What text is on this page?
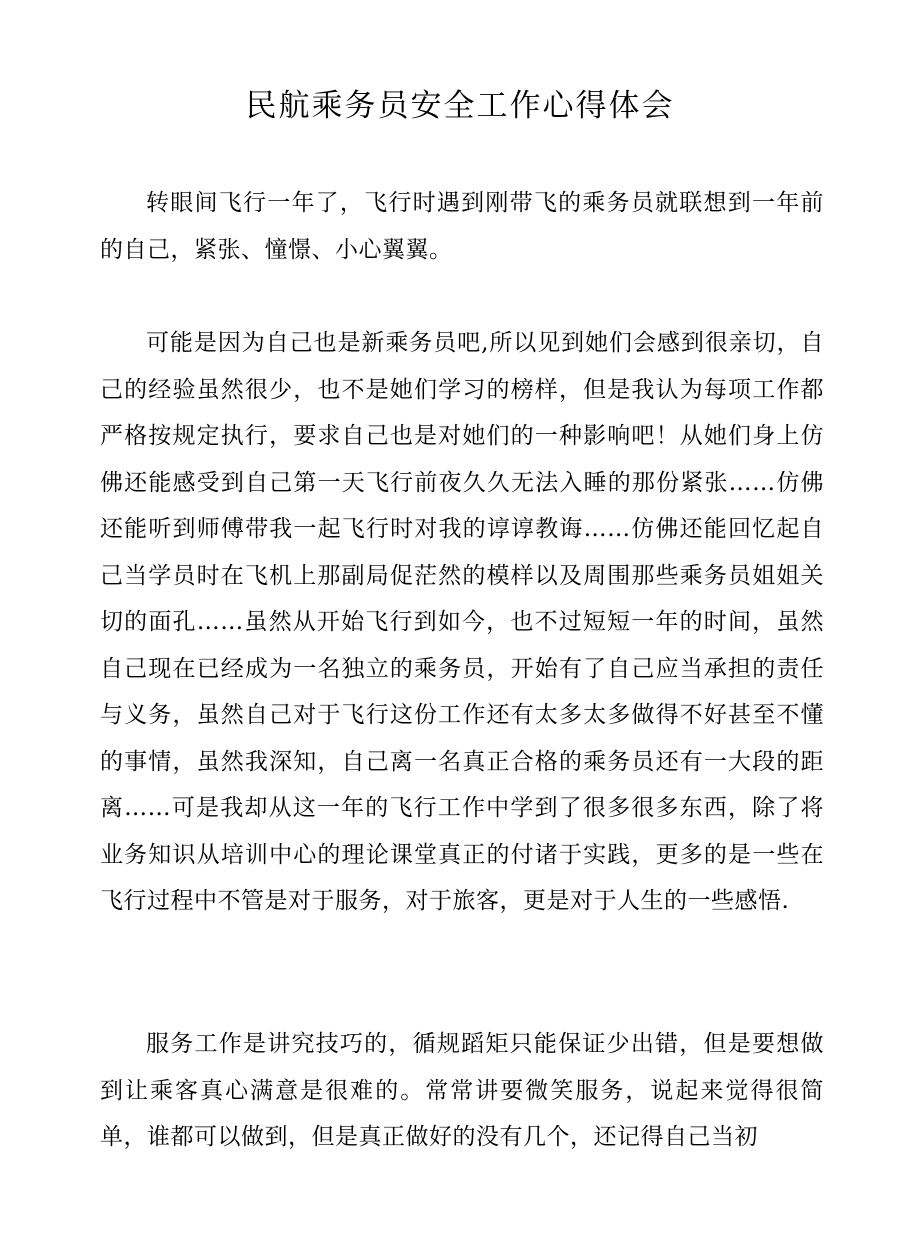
民航乘务员安全工作心得体会

转眼间飞行一年了，飞行时遇到刚带飞的乘务员就联想到一年前的自己，紧张、憧憬、小心翼翼。

可能是因为自己也是新乘务员吧,所以见到她们会感到很亲切，自己的经验虽然很少，也不是她们学习的榜样，但是我认为每项工作都严格按规定执行，要求自己也是对她们的一种影响吧！从她们身上仿佛还能感受到自己第一天飞行前夜久久无法入睡的那份紧张……仿佛还能听到师傅带我一起飞行时对我的谆谆教诲……仿佛还能回忆起自己当学员时在飞机上那副局促茫然的模样以及周围那些乘务员姐姐关切的面孔……虽然从开始飞行到如今，也不过短短一年的时间，虽然自己现在已经成为一名独立的乘务员，开始有了自己应当承担的责任与义务，虽然自己对于飞行这份工作还有太多太多做得不好甚至不懂的事情，虽然我深知，自己离一名真正合格的乘务员还有一大段的距离……可是我却从这一年的飞行工作中学到了很多很多东西，除了将业务知识从培训中心的理论课堂真正的付诸于实践，更多的是一些在飞行过程中不管是对于服务，对于旅客，更是对于人生的一些感悟.

服务工作是讲究技巧的，循规蹈矩只能保证少出错，但是要想做到让乘客真心满意是很难的。常常讲要微笑服务，说起来觉得很简单，谁都可以做到，但是真正做好的没有几个，还记得自己当初
